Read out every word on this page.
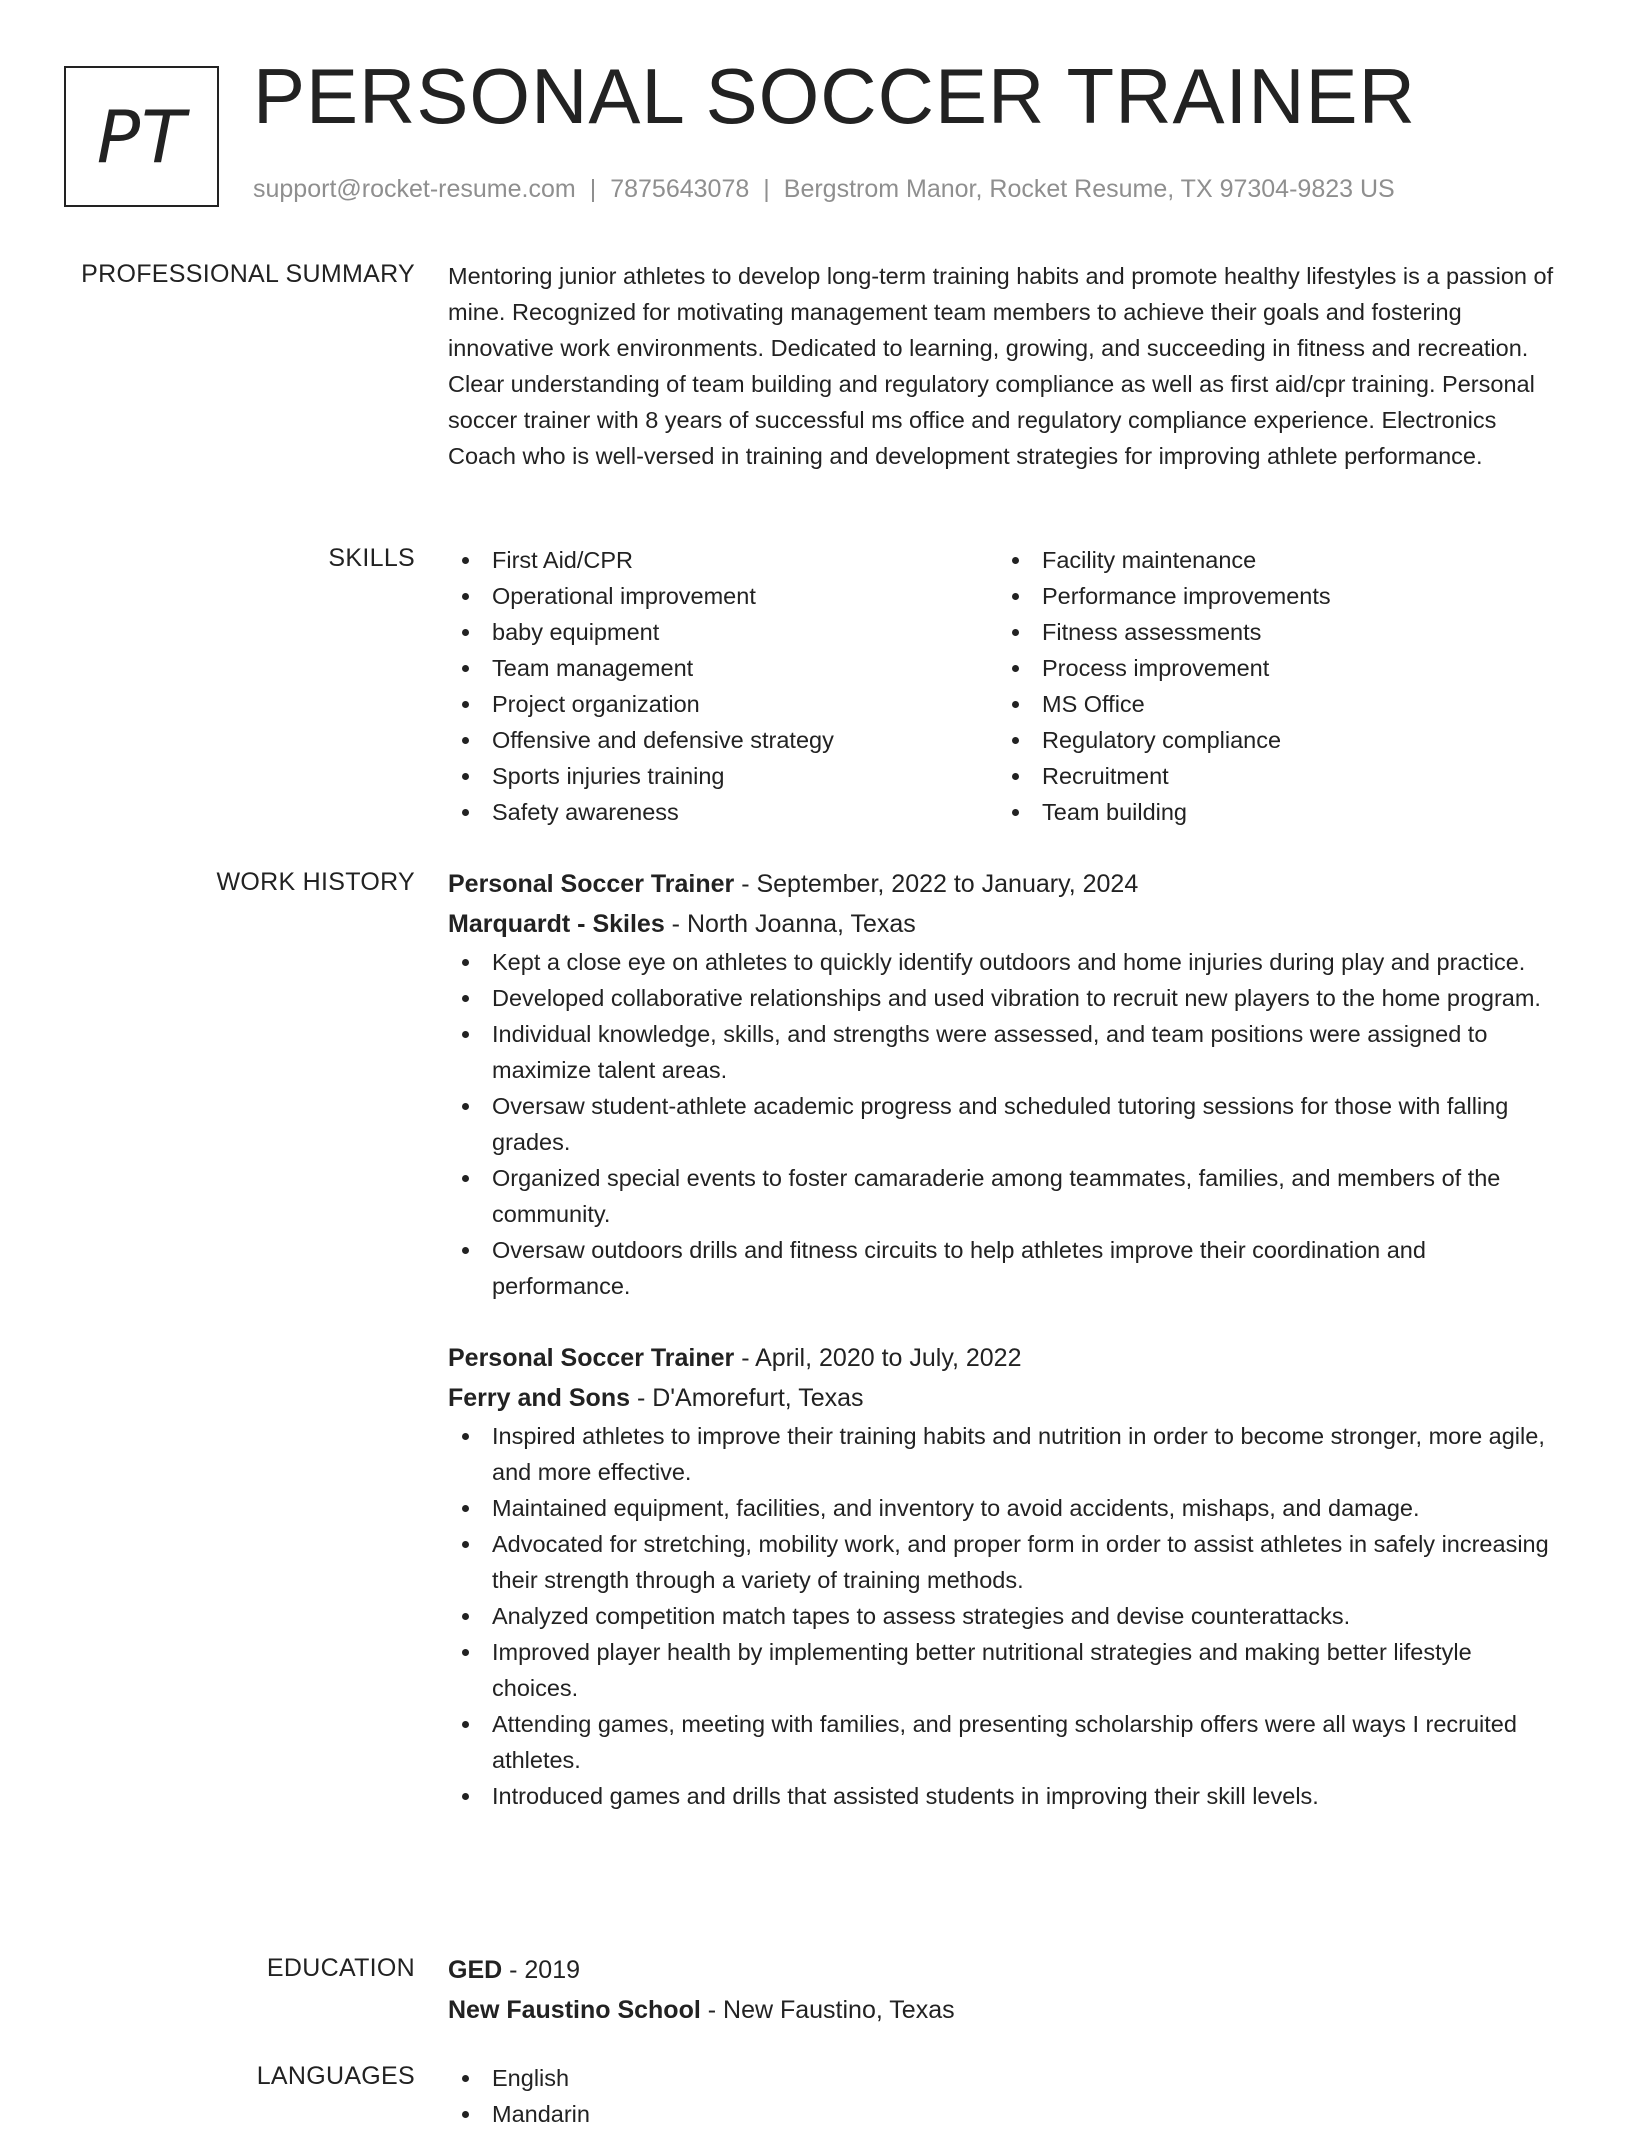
PT PERSONAL SOCCER TRAINER
support@rocket-resume.com | 7875643078 | Bergstrom Manor, Rocket Resume, TX 97304-9823 US
PROFESSIONAL SUMMARY Mentoring junior athletes to develop long-term training habits and promote healthy lifestyles is a passion of mine. Recognized for motivating management team members to achieve their goals and fostering innovative work environments. Dedicated to learning, growing, and succeeding in fitness and recreation. Clear understanding of team building and regulatory compliance as well as first aid/cpr training. Personal soccer trainer with 8 years of successful ms office and regulatory compliance experience. Electronics Coach who is well-versed in training and development strategies for improving athlete performance.

SKILLS	First Aid/CPR
Operational improvement
baby equipment
Team management
Project organization
Offensive and defensive strategy
Sports injuries training
Safety awareness
Facility maintenance
Performance improvements
Fitness assessments
Process improvement
MS Office
Regulatory compliance
Recruitment
Team building
WORK HISTORY Personal Soccer Trainer - September, 2022 to January, 2024
Marquardt - Skiles - North Joanna, Texas
Kept a close eye on athletes to quickly identify outdoors and home injuries during play and practice.
Developed collaborative relationships and used vibration to recruit new players to the home program.
Individual knowledge, skills, and strengths were assessed, and team positions were assigned to maximize talent areas.
Oversaw student-athlete academic progress and scheduled tutoring sessions for those with falling grades.
Organized special events to foster camaraderie among teammates, families, and members of the community.
Oversaw outdoors drills and fitness circuits to help athletes improve their coordination and performance.
Personal Soccer Trainer - April, 2020 to July, 2022
Ferry and Sons - D'Amorefurt, Texas
Inspired athletes to improve their training habits and nutrition in order to become stronger, more agile, and more effective.
Maintained equipment, facilities, and inventory to avoid accidents, mishaps, and damage.
Advocated for stretching, mobility work, and proper form in order to assist athletes in safely increasing their strength through a variety of training methods.
Analyzed competition match tapes to assess strategies and devise counterattacks.
Improved player health by implementing better nutritional strategies and making better lifestyle choices.
Attending games, meeting with families, and presenting scholarship offers were all ways I recruited athletes.
Introduced games and drills that assisted students in improving their skill levels.
EDUCATION GED - 2019
New Faustino School - New Faustino, Texas
LANGUAGES	English
Mandarin
